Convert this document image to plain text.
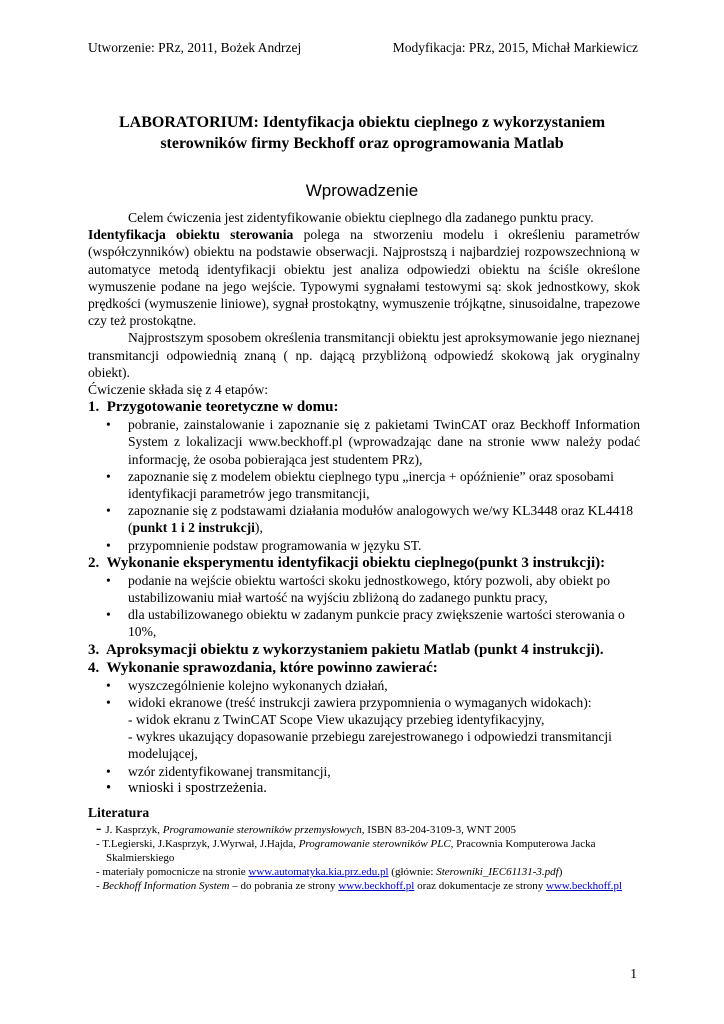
Utworzenie: PRz, 2011, Bożek Andrzej	Modyfikacja: PRz, 2015, Michał Markiewicz
LABORATORIUM: Identyfikacja obiektu cieplnego z wykorzystaniem
sterowników firmy Beckhoff oraz oprogramowania Matlab
Wprowadzenie

Celem ćwiczenia jest zidentyfikowanie obiektu cieplnego dla zadanego punktu pracy.

Identyfikacja obiektu sterowania polega na stworzeniu modelu i określeniu parametrów (współczynników) obiektu na podstawie obserwacji. Najprostszą i najbardziej rozpowszechnioną w automatyce metodą identyfikacji obiektu jest analiza odpowiedzi obiektu na ściśle określone wymuszenie podane na jego wejście. Typowymi sygnałami testowymi są: skok jednostkowy, skok prędkości (wymuszenie liniowe), sygnał prostokątny, wymuszenie trójkątne, sinusoidalne, trapezowe czy też prostokątne.

Najprostszym sposobem określenia transmitancji obiektu jest aproksymowanie jego nieznanej transmitancji odpowiednią znaną ( np. dającą przybliżoną odpowiedź skokową jak oryginalny obiekt).

Ćwiczenie składa się z 4 etapów:

1. Przygotowanie teoretyczne w domu:

• pobranie, zainstalowanie i zapoznanie się z pakietami TwinCAT oraz Beckhoff Information System z lokalizacji www.beckhoff.pl (wprowadzając dane na stronie www należy podać informację, że osoba pobierająca jest studentem PRz),
• zapoznanie się z modelem obiektu cieplnego typu „inercja + opóźnienie” oraz sposobami identyfikacji parametrów jego transmitancji,
• zapoznanie się z podstawami działania modułów analogowych we/wy KL3448 oraz KL4418 (punkt 1 i 2 instrukcji),
• przypomnienie podstaw programowania w języku ST.

2. Wykonanie eksperymentu identyfikacji obiektu cieplnego(punkt 3 instrukcji):

• podanie na wejście obiektu wartości skoku jednostkowego, który pozwoli, aby obiekt po ustabilizowaniu miał wartość na wyjściu zbliżoną do zadanego punktu pracy,
• dla ustabilizowanego obiektu w zadanym punkcie pracy zwiększenie wartości sterowania o 10%,

3. Aproksymacji obiektu z wykorzystaniem pakietu Matlab (punkt 4 instrukcji).

4. Wykonanie sprawozdania, które powinno zawierać:

• wyszczególnienie kolejno wykonanych działań,
• widoki ekranowe (treść instrukcji zawiera przypomnienia o wymaganych widokach):
- widok ekranu z TwinCAT Scope View ukazujący przebieg identyfikacyjny,
- wykres ukazujący dopasowanie przebiegu zarejestrowanego i odpowiedzi transmitancji modelującej,
• wzór zidentyfikowanej transmitancji,
• wnioski i spostrzeżenia.

Literatura

- J. Kasprzyk, Programowanie sterowników przemysłowych, ISBN 83-204-3109-3, WNT 2005

- T.Legierski, J.Kasprzyk, J.Wyrwał, J.Hajda, Programowanie sterowników PLC, Pracownia Komputerowa Jacka Skalmierskiego

- materiały pomocnicze na stronie www.automatyka.kia.prz.edu.pl (głównie: Sterowniki_IEC61131-3.pdf)

- Beckhoff Information System – do pobrania ze strony www.beckhoff.pl oraz dokumentacje ze strony www.beckhoff.pl

1
